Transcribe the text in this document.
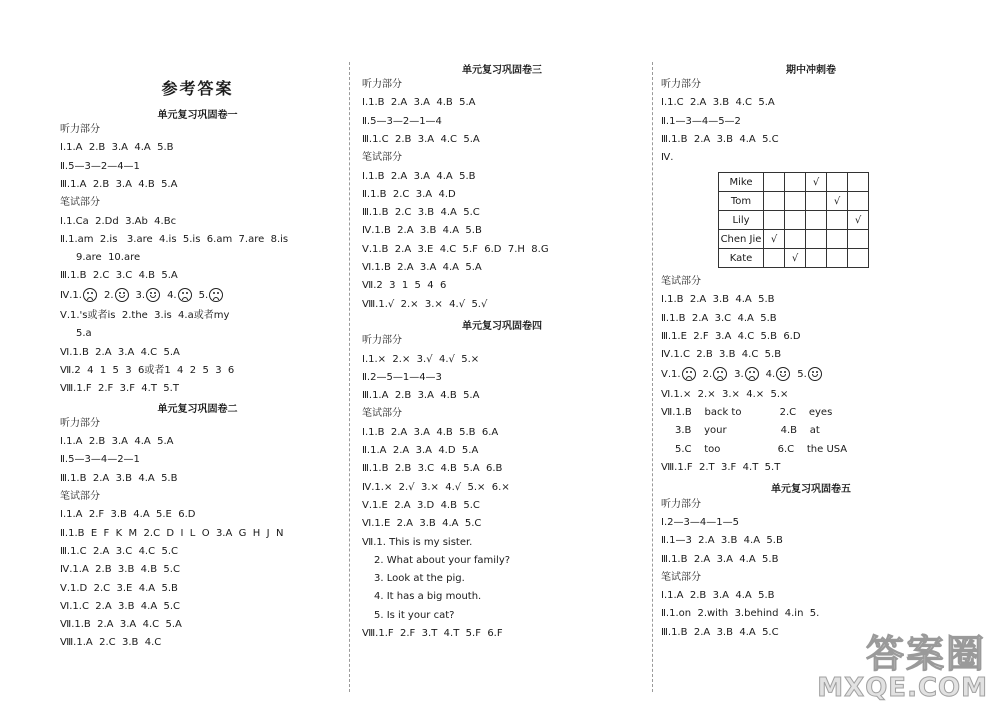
参考答案
单元复习巩固卷一
听力部分
Ⅰ.1.A  2.B  3.A  4.A  5.B
Ⅱ.5—3—2—4—1
Ⅲ.1.A  2.B  3.A  4.B  5.A
笔试部分
Ⅰ.1.Ca  2.Dd  3.Ab  4.Bc
Ⅱ.1.am  2.is   3.are  4.is  5.is  6.am  7.are  8.is
9.are  10.are
Ⅲ.1.B  2.C  3.C  4.B  5.A
Ⅳ.1. 2. 3. 4. 5.
Ⅴ.1.'s或者is  2.the  3.is  4.a或者my
5.a
Ⅵ.1.B  2.A  3.A  4.C  5.A
Ⅶ.2  4  1  5  3  6或者1  4  2  5  3  6
Ⅷ.1.F  2.F  3.F  4.T  5.T
单元复习巩固卷二
听力部分
Ⅰ.1.A  2.B  3.A  4.A  5.A
Ⅱ.5—3—4—2—1
Ⅲ.1.B  2.A  3.B  4.A  5.B
笔试部分
Ⅰ.1.A  2.F  3.B  4.A  5.E  6.D
Ⅱ.1.B  E  F  K  M  2.C  D  I  L  O  3.A  G  H  J  N
Ⅲ.1.C  2.A  3.C  4.C  5.C
Ⅳ.1.A  2.B  3.B  4.B  5.C
Ⅴ.1.D  2.C  3.E  4.A  5.B
Ⅵ.1.C  2.A  3.B  4.A  5.C
Ⅶ.1.B  2.A  3.A  4.C  5.A
Ⅷ.1.A  2.C  3.B  4.C
单元复习巩固卷三
听力部分
Ⅰ.1.B  2.A  3.A  4.B  5.A
Ⅱ.5—3—2—1—4
Ⅲ.1.C  2.B  3.A  4.C  5.A
笔试部分
Ⅰ.1.B  2.A  3.A  4.A  5.B
Ⅱ.1.B  2.C  3.A  4.D
Ⅲ.1.B  2.C  3.B  4.A  5.C
Ⅳ.1.B  2.A  3.B  4.A  5.B
Ⅴ.1.B  2.A  3.E  4.C  5.F  6.D  7.H  8.G
Ⅵ.1.B  2.A  3.A  4.A  5.A
Ⅶ.2  3  1  5  4  6
Ⅷ.1.√  2.×  3.×  4.√  5.√
单元复习巩固卷四
听力部分
Ⅰ.1.×  2.×  3.√  4.√  5.×
Ⅱ.2—5—1—4—3
Ⅲ.1.A  2.B  3.A  4.B  5.A
笔试部分
Ⅰ.1.B  2.A  3.A  4.B  5.B  6.A
Ⅱ.1.A  2.A  3.A  4.D  5.A
Ⅲ.1.B  2.B  3.C  4.B  5.A  6.B
Ⅳ.1.×  2.√  3.×  4.√  5.×  6.×
Ⅴ.1.E  2.A  3.D  4.B  5.C
Ⅵ.1.E  2.A  3.B  4.A  5.C
Ⅶ.1. This is my sister.
2. What about your family?
3. Look at the pig.
4. It has a big mouth.
5. Is it your cat?
Ⅷ.1.F  2.F  3.T  4.T  5.F  6.F
Mike			√		
Tom				√	
Lily					√
Chen Jie	√				
Kate		√			
期中冲刺卷
听力部分
Ⅰ.1.C  2.A  3.B  4.C  5.A
Ⅱ.1—3—4—5—2
Ⅲ.1.B  2.A  3.B  4.A  5.C
Ⅳ.
笔试部分
Ⅰ.1.B  2.A  3.B  4.A  5.B
Ⅱ.1.B  2.A  3.C  4.A  5.B
Ⅲ.1.E  2.F  3.A  4.C  5.B  6.D
Ⅳ.1.C  2.B  3.B  4.C  5.B
Ⅴ.1. 2. 3. 4. 5.
Ⅵ.1.×  2.×  3.×  4.×  5.×
Ⅶ.1.B    back to            2.C    eyes
3.B    your                 4.B    at
5.C    too                  6.C    the USA
Ⅷ.1.F  2.T  3.F  4.T  5.T
单元复习巩固卷五
听力部分
Ⅰ.2—3—4—1—5
Ⅱ.1—3  2.A  3.B  4.A  5.B
Ⅲ.1.B  2.A  3.A  4.A  5.B
笔试部分
Ⅰ.1.A  2.B  3.A  4.A  5.B
Ⅱ.1.on  2.with  3.behind  4.in  5.
Ⅲ.1.B  2.A  3.B  4.A  5.C 答案圈
MXQE.COM
